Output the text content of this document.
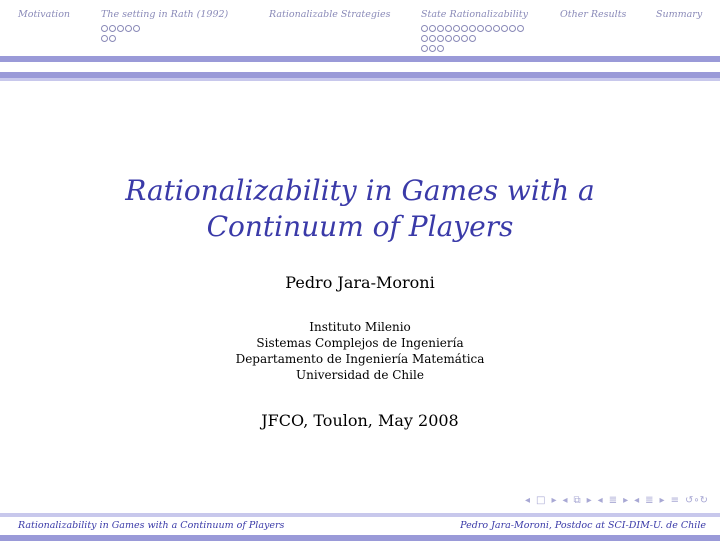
Motivation	The setting in Rath (1992)	Rationalizable Strategies	State Rationalizability	Other Results	Summary
Rationalizability in Games with a Continuum of Players
Pedro Jara-Moroni
Instituto Milenio
Sistemas Complejos de Ingeniería
Departamento de Ingeniería Matemática
Universidad de Chile
JFCO, Toulon, May 2008
◂ □ ▸ ◂ ⧉ ▸ ◂ ≣ ▸ ◂ ≣ ▸ ≡ ↺∘↻
Rationalizability in Games with a Continuum of Players	Pedro Jara-Moroni, Postdoc at SCI-DIM-U. de Chile
